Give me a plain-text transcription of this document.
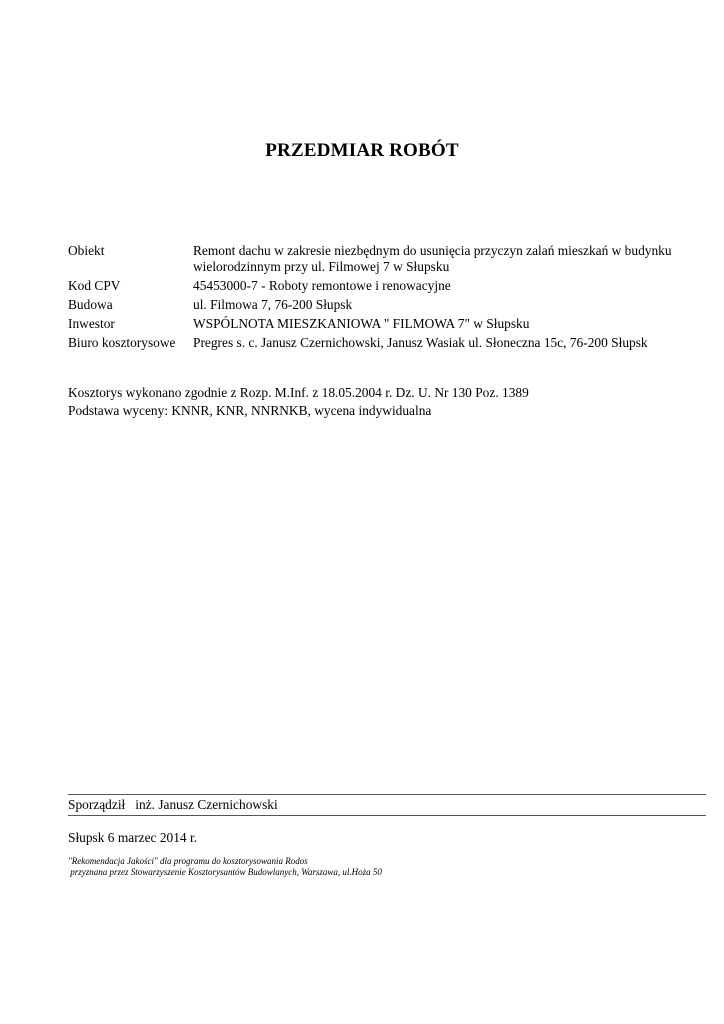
PRZEDMIAR ROBÓT
Obiekt	Remont dachu w zakresie niezbędnym do usunięcia przyczyn zalań mieszkań w budynku wielorodzinnym przy ul. Filmowej 7 w Słupsku
Kod CPV	45453000-7 - Roboty remontowe i renowacyjne
Budowa	ul. Filmowa 7, 76-200 Słupsk
Inwestor	WSPÓLNOTA MIESZKANIOWA " FILMOWA 7" w Słupsku
Biuro kosztorysowe	Pregres s. c. Janusz Czernichowski, Janusz Wasiak ul. Słoneczna 15c, 76-200 Słupsk
Kosztorys wykonano zgodnie z Rozp. M.Inf. z 18.05.2004 r. Dz. U. Nr 130 Poz. 1389
Podstawa wyceny: KNNR, KNR, NNRNKB, wycena indywidualna
Sporządził inż. Janusz Czernichowski
Słupsk 6 marzec 2014 r.
"Rekomendacja Jakości" dla programu do kosztorysowania Rodos
przyznana przez Stowarzyszenie Kosztorysantów Budowlanych, Warszawa, ul.Hoża 50
